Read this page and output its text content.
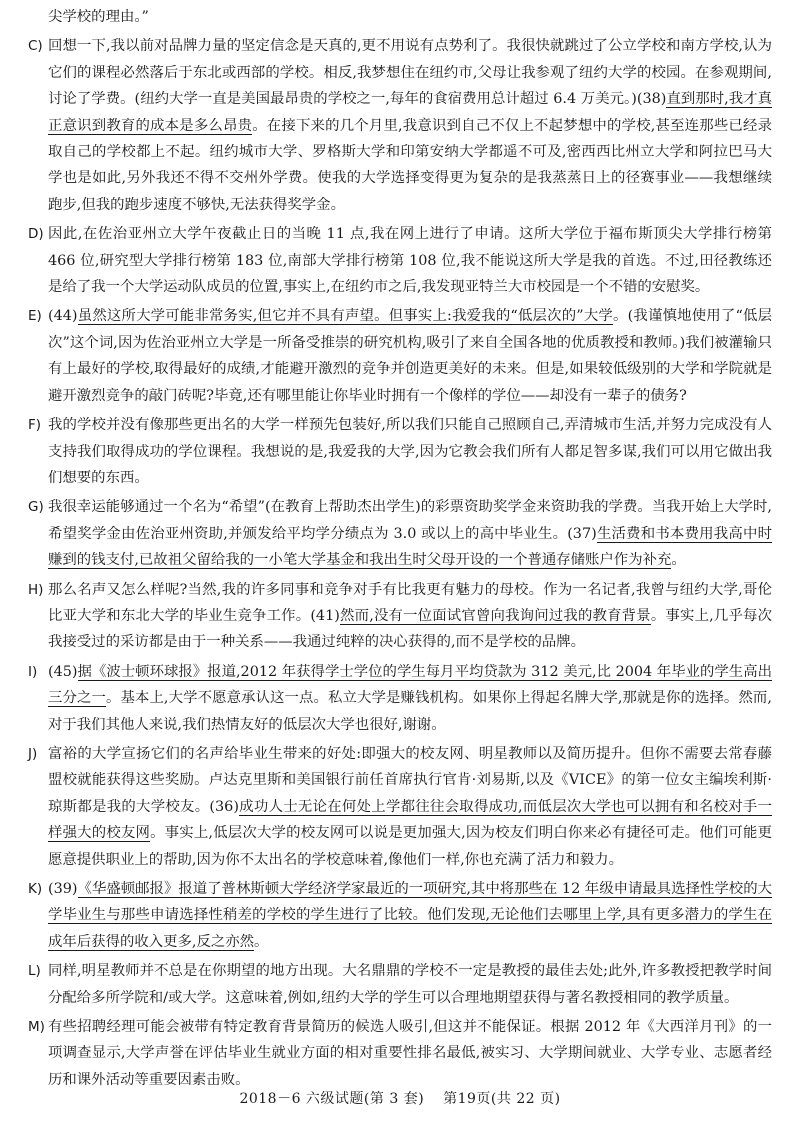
尖学校的理由。”
C) 回想一下,我以前对品牌力量的坚定信念是天真的,更不用说有点势利了。我很快就跳过了公立学校和南方学校,认为它们的课程必然落后于东北或西部的学校。相反,我梦想住在纽约市,父母让我参观了纽约大学的校园。在参观期间,讨论了学费。(纽约大学一直是美国最昂贵的学校之一,每年的食宿费用总计超过 6.4 万美元。)(38)直到那时,我才真正意识到教育的成本是多么昂贵。在接下来的几个月里,我意识到自己不仅上不起梦想中的学校,甚至连那些已经录取自己的学校都上不起。纽约城市大学、罗格斯大学和印第安纳大学都遥不可及,密西西比州立大学和阿拉巴马大学也是如此,另外我还不得不交州外学费。使我的大学选择变得更为复杂的是我蒸蒸日上的径赛事业——我想继续跑步,但我的跑步速度不够快,无法获得奖学金。
D) 因此,在佐治亚州立大学午夜截止日的当晚 11 点,我在网上进行了申请。这所大学位于福布斯顶尖大学排行榜第 466 位,研究型大学排行榜第 183 位,南部大学排行榜第 108 位,我不能说这所大学是我的首选。不过,田径教练还是给了我一个大学运动队成员的位置,事实上,在纽约市之后,我发现亚特兰大市校园是一个不错的安慰奖。
E) (44)虽然这所大学可能非常务实,但它并不具有声望。但事实上:我爱我的“低层次的”大学。(我谨慎地使用了“低层次”这个词,因为佐治亚州立大学是一所备受推崇的研究机构,吸引了来自全国各地的优质教授和教师。)我们被灌输只有上最好的学校,取得最好的成绩,才能避开激烈的竞争并创造更美好的未来。但是,如果较低级别的大学和学院就是避开激烈竞争的敲门砖呢?毕竟,还有哪里能让你毕业时拥有一个像样的学位——却没有一辈子的债务?
F) 我的学校并没有像那些更出名的大学一样预先包装好,所以我们只能自己照顾自己,弄清城市生活,并努力完成没有人支持我们取得成功的学位课程。我想说的是,我爱我的大学,因为它教会我们所有人都足智多谋,我们可以用它做出我们想要的东西。
G) 我很幸运能够通过一个名为“希望”(在教育上帮助杰出学生)的彩票资助奖学金来资助我的学费。当我开始上大学时,希望奖学金由佐治亚州资助,并颁发给平均学分绩点为 3.0 或以上的高中毕业生。(37)生活费和书本费用我高中时赚到的钱支付,已故祖父留给我的一小笔大学基金和我出生时父母开设的一个普通存储账户作为补充。
H) 那么名声又怎么样呢?当然,我的许多同事和竞争对手有比我更有魅力的母校。作为一名记者,我曾与纽约大学,哥伦比亚大学和东北大学的毕业生竞争工作。(41)然而,没有一位面试官曾向我询问过我的教育背景。事实上,几乎每次我接受过的采访都是由于一种关系——我通过纯粹的决心获得的,而不是学校的品牌。
I) (45)据《波士顿环球报》报道,2012 年获得学士学位的学生每月平均贷款为 312 美元,比 2004 年毕业的学生高出三分之一。基本上,大学不愿意承认这一点。私立大学是赚钱机构。如果你上得起名牌大学,那就是你的选择。然而,对于我们其他人来说,我们热情友好的低层次大学也很好,谢谢。
J) 富裕的大学宣扬它们的名声给毕业生带来的好处:即强大的校友网、明星教师以及简历提升。但你不需要去常春藤盟校就能获得这些奖励。卢达克里斯和美国银行前任首席执行官肯·刘易斯,以及《VICE》的第一位女主编埃利斯·琼斯都是我的大学校友。(36)成功人士无论在何处上学都往往会取得成功,而低层次大学也可以拥有和名校对手一样强大的校友网。事实上,低层次大学的校友网可以说是更加强大,因为校友们明白你来必有捷径可走。他们可能更愿意提供职业上的帮助,因为你不太出名的学校意味着,像他们一样,你也充满了活力和毅力。
K) (39)《华盛顿邮报》报道了普林斯顿大学经济学家最近的一项研究,其中将那些在 12 年级申请最具选择性学校的大学毕业生与那些申请选择性稍差的学校的学生进行了比较。他们发现,无论他们去哪里上学,具有更多潜力的学生在成年后获得的收入更多,反之亦然。
L) 同样,明星教师并不总是在你期望的地方出现。大名鼎鼎的学校不一定是教授的最佳去处;此外,许多教授把教学时间分配给多所学院和/或大学。这意味着,例如,纽约大学的学生可以合理地期望获得与著名教授相同的教学质量。
M) 有些招聘经理可能会被带有特定教育背景简历的候选人吸引,但这并不能保证。根据 2012 年《大西洋月刊》的一项调查显示,大学声誉在评估毕业生就业方面的相对重要性排名最低,被实习、大学期间就业、大学专业、志愿者经历和课外活动等重要因素击败。
2018－6 六级试题(第 3 套) 第19页(共 22 页)
